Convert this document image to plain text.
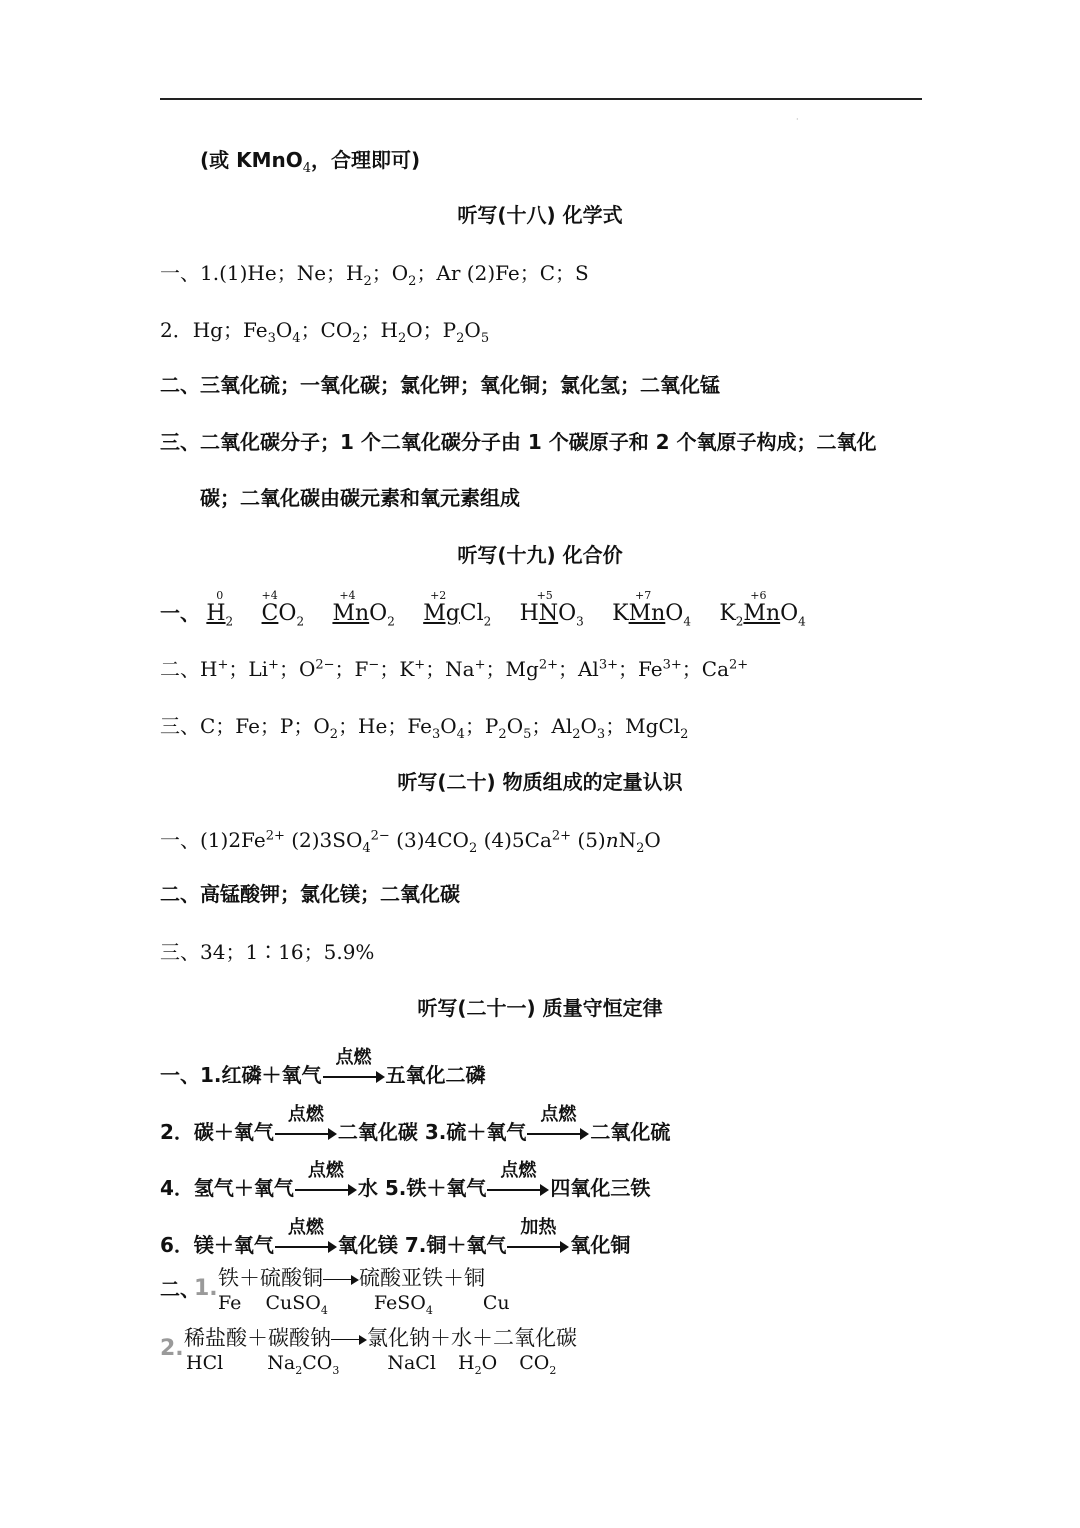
·
(或 KMnO$_4$，合理即可)
听写(十八) 化学式
一、1.(1)He；Ne；$H_2$；$O_2$；Ar (2)Fe；C；S
2．Hg；$Fe_3O_4$；$CO_2$；$H_2O$；$P_2O_5$
二、三氧化硫；一氧化碳；氯化钾；氧化铜；氯化氢；二氧化锰
三、二氧化碳分子；1 个二氧化碳分子由 1 个碳原子和 2 个氧原子构成；二氧化
碳；二氧化碳由碳元素和氧元素组成
听写(十九) 化合价
一、
0
$H_2$
+4
$CO_2$
+4
MnO$_2$
+2
MgCl$_2$
+5
$HNO_3$
+7
KMnO$_4$
+6
$K_2MnO_4$
二、H+；Li+；$O^{2-}$；F−；K+；Na+；$Mg^{2+}$；$Al^{3+}$；$Fe^{3+}$；$Ca^{2+}$
三、C；Fe；P；$O_2$；He；$Fe_3O_4$；$P_2O_5$；$Al_2O_3$；MgCl$_2$
听写(二十) 物质组成的定量认识
一、$(1)2Fe^{2+}$ $(2)3SO_4^{2-}$ $(3)4CO_2$ $(4)5Ca^{2+}$ $(5)nN_2O$
二、高锰酸钾；氯化镁；二氧化碳
三、34；1∶16；5.9%
听写(二十一) 质量守恒定律
一、1.红磷＋氧气
点燃
五氧化二磷
2．碳＋氧气
点燃
二氧化碳 3.硫＋氧气
点燃
二氧化硫
4．氢气＋氧气
点燃
水 5.铁＋氧气
点燃
四氧化三铁
6．镁＋氧气
点燃
氧化镁 7.铜＋氧气
加热
氧化铜
二、
1. 铁＋硫酸铜 硫酸亚铁＋铜
Fe CuSO$_4$ FeSO$_4$	Cu
2. 稀盐酸＋碳酸钠 氯化钠＋水＋二氧化碳
HCl $Na_2CO_3$	NaCl $H_2O$ $CO_2$
